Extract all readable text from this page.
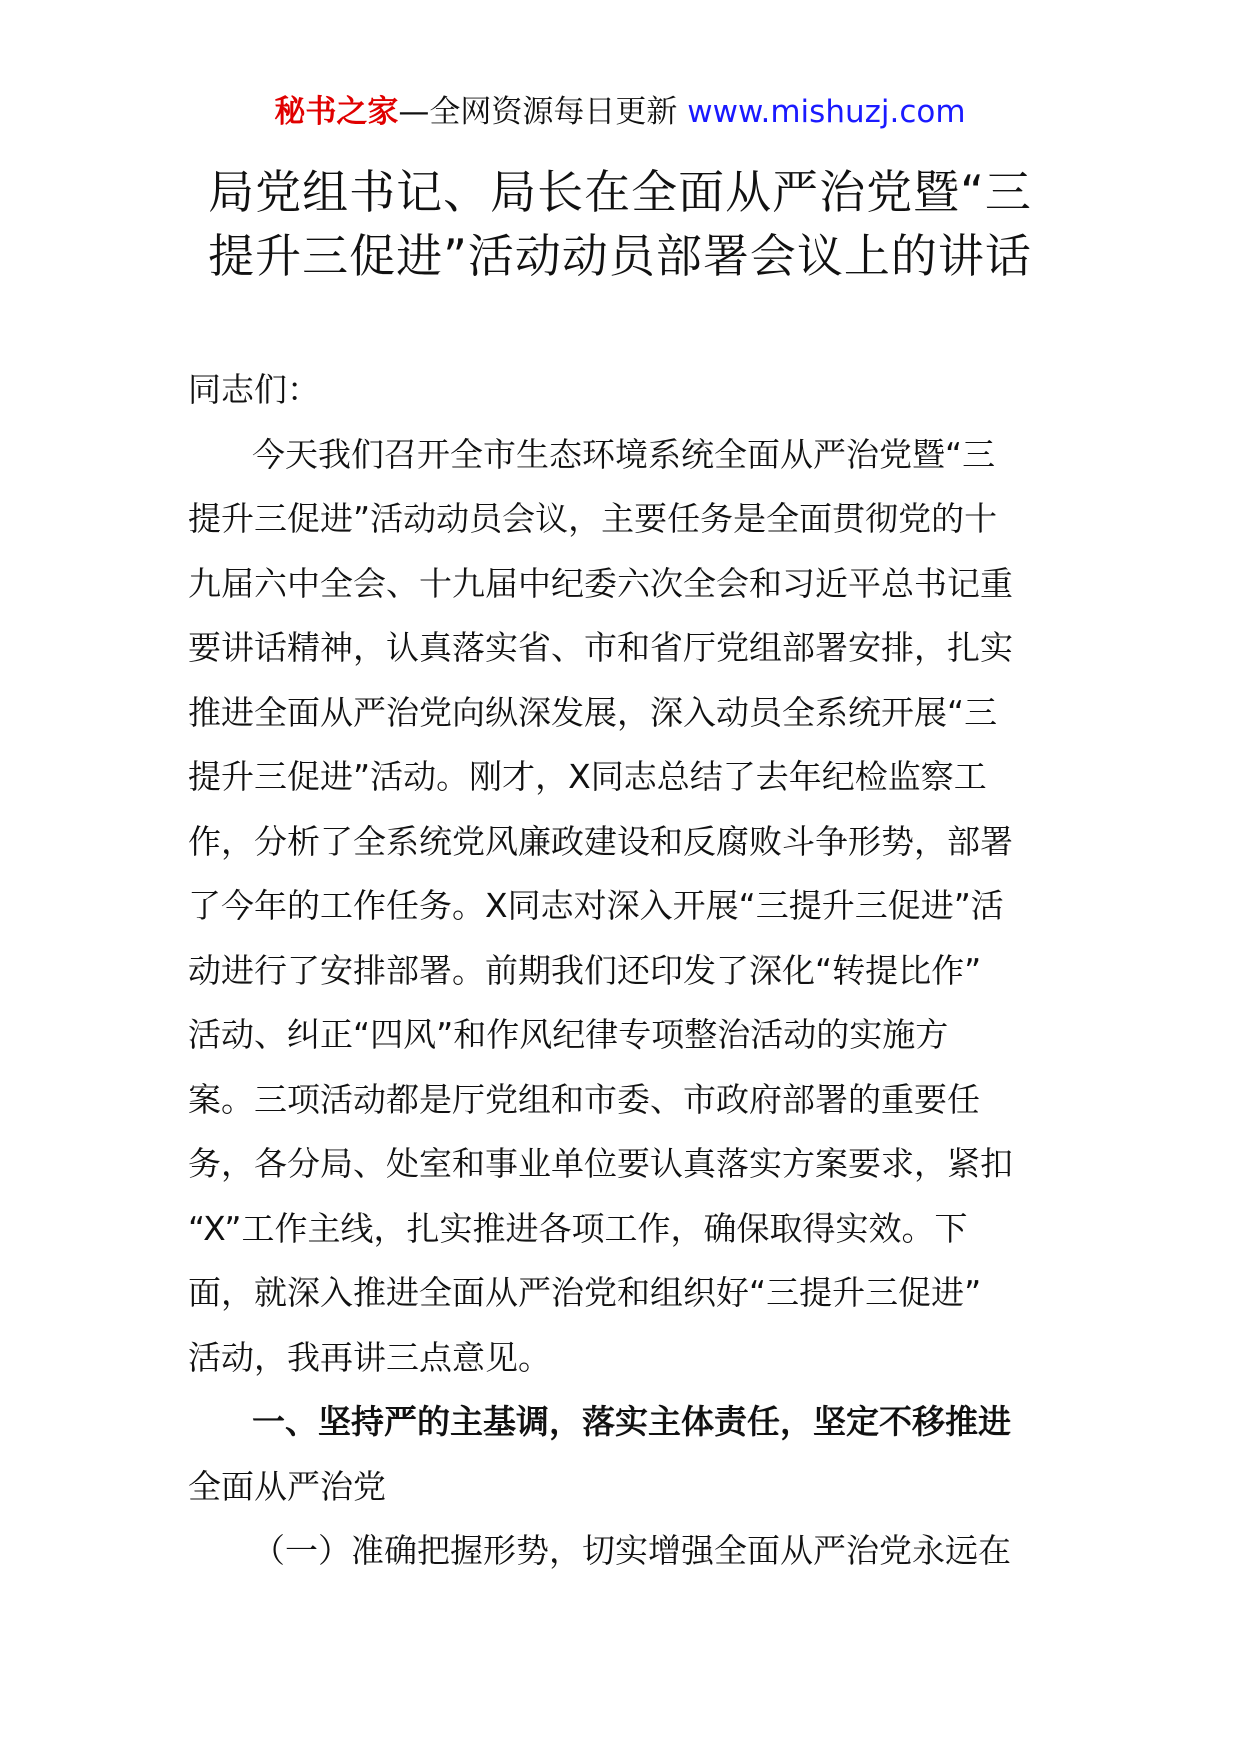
秘书之家—全网资源每日更新 www.mishuzj.com
局党组书记、局长在全面从严治党暨“三
提升三促进”活动动员部署会议上的讲话
同志们：
今天我们召开全市生态环境系统全面从严治党暨“三
提升三促进”活动动员会议，主要任务是全面贯彻党的十
九届六中全会、十九届中纪委六次全会和习近平总书记重
要讲话精神，认真落实省、市和省厅党组部署安排，扎实
推进全面从严治党向纵深发展，深入动员全系统开展“三
提升三促进”活动。刚才，X同志总结了去年纪检监察工
作，分析了全系统党风廉政建设和反腐败斗争形势，部署
了今年的工作任务。X同志对深入开展“三提升三促进”活
动进行了安排部署。前期我们还印发了深化“转提比作”
活动、纠正“四风”和作风纪律专项整治活动的实施方
案。三项活动都是厅党组和市委、市政府部署的重要任
务，各分局、处室和事业单位要认真落实方案要求，紧扣
“X”工作主线，扎实推进各项工作，确保取得实效。下
面，就深入推进全面从严治党和组织好“三提升三促进”
活动，我再讲三点意见。
一、坚持严的主基调，落实主体责任，坚定不移推进
全面从严治党
（一）准确把握形势，切实增强全面从严治党永远在
